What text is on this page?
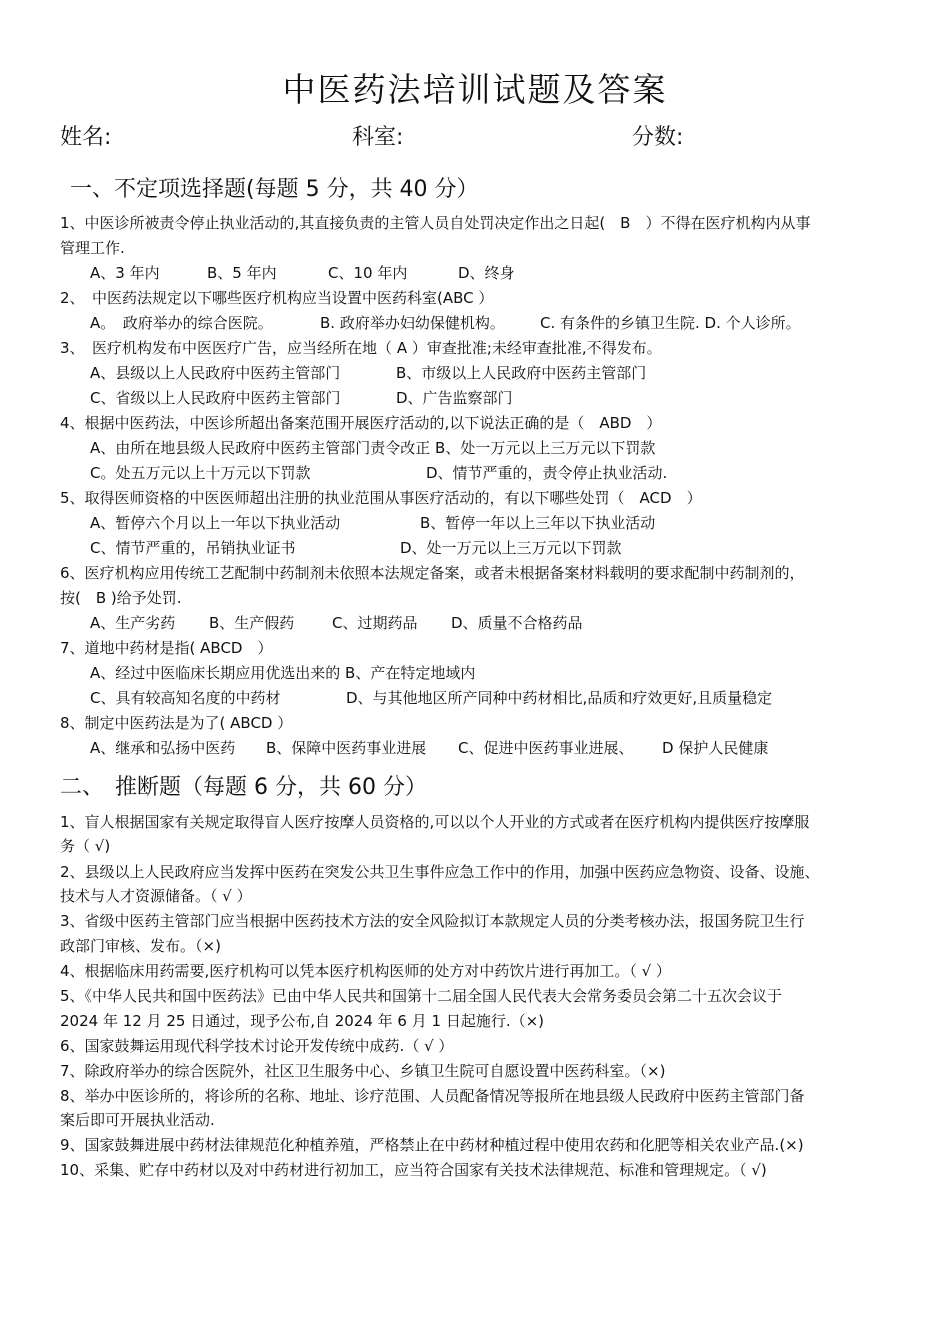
中医药法培训试题及答案
姓名:	科室:	分数:
一、不定项选择题(每题 5 分，共 40 分）
1、中医诊所被责令停止执业活动的,其直接负责的主管人员自处罚决定作出之日起(　B　）不得在医疗机构内从事
管理工作.
A、3 年内	B、5 年内	C、10 年内	D、终身
2、　中医药法规定以下哪些医疗机构应当设置中医药科室(ABC ）
A。　政府举办的综合医院。	B. 政府举办妇幼保健机构。 C. 有条件的乡镇卫生院. D. 个人诊所。
3、　医疗机构发布中医医疗广告，应当经所在地（ A ）审查批准;未经审查批准,不得发布。
A、县级以上人民政府中医药主管部门	B、市级以上人民政府中医药主管部门
C、省级以上人民政府中医药主管部门	D、广告监察部门
4、根据中医药法，中医诊所超出备案范围开展医疗活动的,以下说法正确的是（　ABD　）
A、由所在地县级人民政府中医药主管部门责令改正 B、处一万元以上三万元以下罚款
C。处五万元以上十万元以下罚款	D、情节严重的，责令停止执业活动.
5、取得医师资格的中医医师超出注册的执业范围从事医疗活动的，有以下哪些处罚（　ACD　）
A、暂停六个月以上一年以下执业活动	B、暂停一年以上三年以下执业活动
C、情节严重的，吊销执业证书	D、处一万元以上三万元以下罚款
6、医疗机构应用传统工艺配制中药制剂未依照本法规定备案，或者未根据备案材料载明的要求配制中药制剂的，
按(　B )给予处罚.
A、生产劣药 B、生产假药	C、过期药品 D、质量不合格药品
7、道地中药材是指( ABCD　）
A、经过中医临床长期应用优选出来的 B、产在特定地域内
C、具有较高知名度的中药材	D、与其他地区所产同种中药材相比,品质和疗效更好,且质量稳定
8、制定中医药法是为了( ABCD ）
A、继承和弘扬中医药 B、保障中医药事业进展 C、促进中医药事业进展、 D 保护人民健康
二、　推断题（每题 6 分，共 60 分）
1、盲人根据国家有关规定取得盲人医疗按摩人员资格的,可以以个人开业的方式或者在医疗机构内提供医疗按摩服
务（ √)
2、县级以上人民政府应当发挥中医药在突发公共卫生事件应急工作中的作用，加强中医药应急物资、设备、设施、
技术与人才资源储备。（ √ ）
3、省级中医药主管部门应当根据中医药技术方法的安全风险拟订本款规定人员的分类考核办法，报国务院卫生行
政部门审核、发布。（×)
4、根据临床用药需要,医疗机构可以凭本医疗机构医师的处方对中药饮片进行再加工。（ √ ）
5、《中华人民共和国中医药法》已由中华人民共和国第十二届全国人民代表大会常务委员会第二十五次会议于
2024 年 12 月 25 日通过，现予公布,自 2024 年 6 月 1 日起施行.（×)
6、国家鼓舞运用现代科学技术讨论开发传统中成药.（ √ ）
7、除政府举办的综合医院外，社区卫生服务中心、乡镇卫生院可自愿设置中医药科室。（×)
8、举办中医诊所的，将诊所的名称、地址、诊疗范围、人员配备情况等报所在地县级人民政府中医药主管部门备
案后即可开展执业活动.
9、国家鼓舞进展中药材法律规范化种植养殖，严格禁止在中药材种植过程中使用农药和化肥等相关农业产品.(×)
10、采集、贮存中药材以及对中药材进行初加工，应当符合国家有关技术法律规范、标准和管理规定。（ √)
